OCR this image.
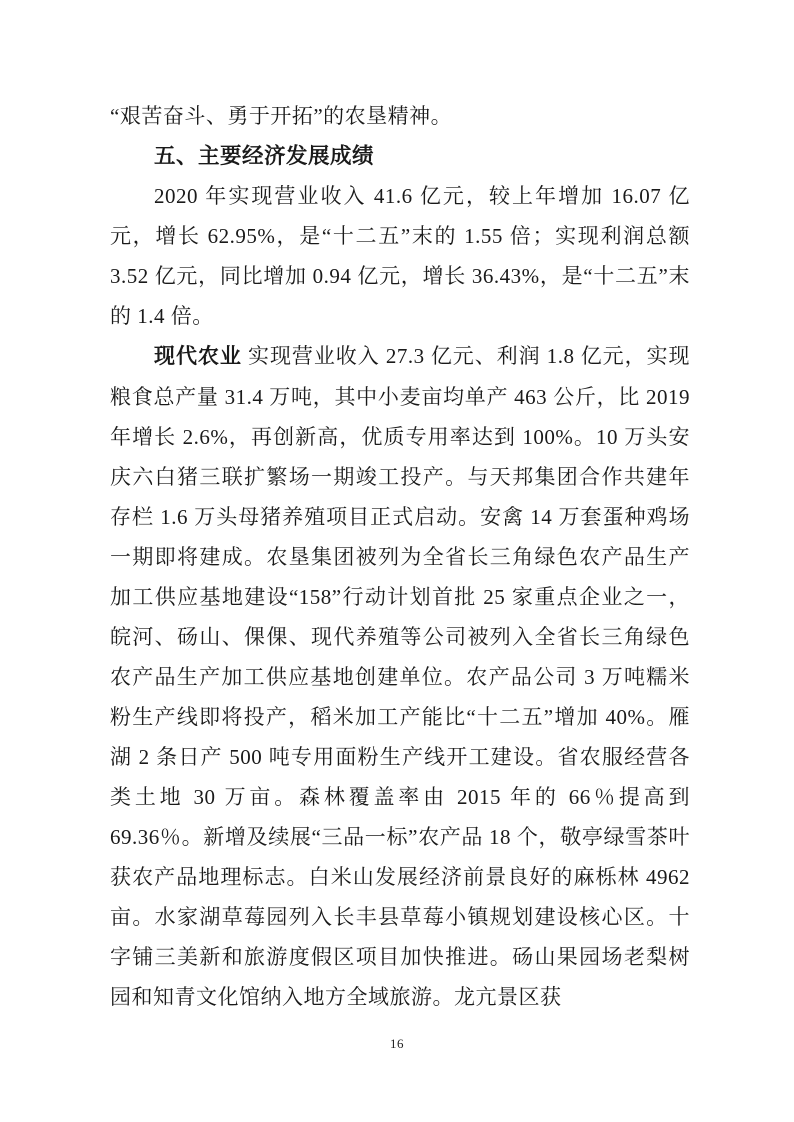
“艰苦奋斗、勇于开拓”的农垦精神。

五、主要经济发展成绩

2020 年实现营业收入 41.6 亿元，较上年增加 16.07 亿元，增长 62.95%，是“十二五”末的 1.55 倍；实现利润总额 3.52 亿元，同比增加 0.94 亿元，增长 36.43%，是“十二五”末的 1.4 倍。

现代农业 实现营业收入 27.3 亿元、利润 1.8 亿元，实现粮食总产量 31.4 万吨，其中小麦亩均单产 463 公斤，比 2019 年增长 2.6%，再创新高，优质专用率达到 100%。10 万头安庆六白猪三联扩繁场一期竣工投产。与天邦集团合作共建年存栏 1.6 万头母猪养殖项目正式启动。安禽 14 万套蛋种鸡场一期即将建成。农垦集团被列为全省长三角绿色农产品生产加工供应基地建设“158”行动计划首批 25 家重点企业之一，皖河、砀山、倮倮、现代养殖等公司被列入全省长三角绿色农产品生产加工供应基地创建单位。农产品公司 3 万吨糯米粉生产线即将投产，稻米加工产能比“十二五”增加 40%。雁湖 2 条日产 500 吨专用面粉生产线开工建设。省农服经营各类土地 30 万亩。森林覆盖率由 2015 年的 66％提高到 69.36％。新增及续展“三品一标”农产品 18 个，敬亭绿雪茶叶获农产品地理标志。白米山发展经济前景良好的麻栎林 4962 亩。水家湖草莓园列入长丰县草莓小镇规划建设核心区。十字铺三美新和旅游度假区项目加快推进。砀山果园场老梨树园和知青文化馆纳入地方全域旅游。龙亢景区获

16
